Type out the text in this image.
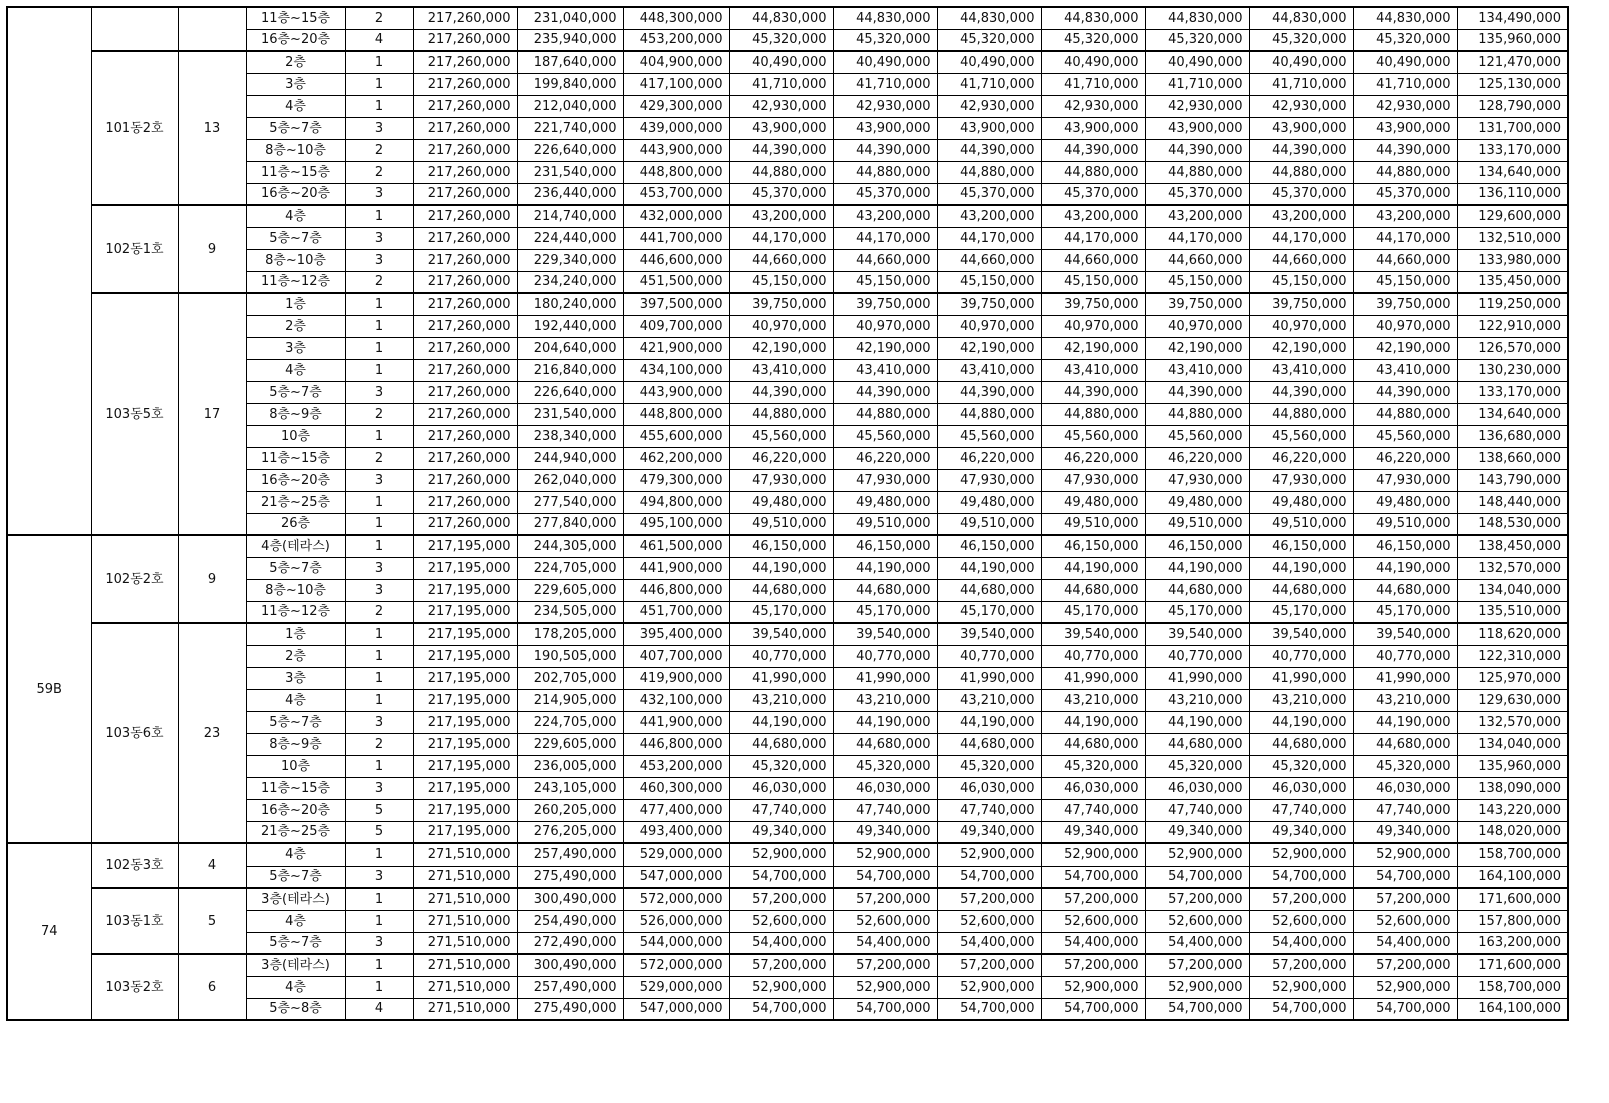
			11층~15층	2	217,260,000	231,040,000	448,300,000	44,830,000	44,830,000	44,830,000	44,830,000	44,830,000	44,830,000	44,830,000	134,490,000
			16층~20층	4	217,260,000	235,940,000	453,200,000	45,320,000	45,320,000	45,320,000	45,320,000	45,320,000	45,320,000	45,320,000	135,960,000
	101동2호	13	2층	1	217,260,000	187,640,000	404,900,000	40,490,000	40,490,000	40,490,000	40,490,000	40,490,000	40,490,000	40,490,000	121,470,000
			3층	1	217,260,000	199,840,000	417,100,000	41,710,000	41,710,000	41,710,000	41,710,000	41,710,000	41,710,000	41,710,000	125,130,000
			4층	1	217,260,000	212,040,000	429,300,000	42,930,000	42,930,000	42,930,000	42,930,000	42,930,000	42,930,000	42,930,000	128,790,000
			5층~7층	3	217,260,000	221,740,000	439,000,000	43,900,000	43,900,000	43,900,000	43,900,000	43,900,000	43,900,000	43,900,000	131,700,000
			8층~10층	2	217,260,000	226,640,000	443,900,000	44,390,000	44,390,000	44,390,000	44,390,000	44,390,000	44,390,000	44,390,000	133,170,000
			11층~15층	2	217,260,000	231,540,000	448,800,000	44,880,000	44,880,000	44,880,000	44,880,000	44,880,000	44,880,000	44,880,000	134,640,000
			16층~20층	3	217,260,000	236,440,000	453,700,000	45,370,000	45,370,000	45,370,000	45,370,000	45,370,000	45,370,000	45,370,000	136,110,000
	102동1호	9	4층	1	217,260,000	214,740,000	432,000,000	43,200,000	43,200,000	43,200,000	43,200,000	43,200,000	43,200,000	43,200,000	129,600,000
			5층~7층	3	217,260,000	224,440,000	441,700,000	44,170,000	44,170,000	44,170,000	44,170,000	44,170,000	44,170,000	44,170,000	132,510,000
			8층~10층	3	217,260,000	229,340,000	446,600,000	44,660,000	44,660,000	44,660,000	44,660,000	44,660,000	44,660,000	44,660,000	133,980,000
			11층~12층	2	217,260,000	234,240,000	451,500,000	45,150,000	45,150,000	45,150,000	45,150,000	45,150,000	45,150,000	45,150,000	135,450,000
	103동5호	17	1층	1	217,260,000	180,240,000	397,500,000	39,750,000	39,750,000	39,750,000	39,750,000	39,750,000	39,750,000	39,750,000	119,250,000
			2층	1	217,260,000	192,440,000	409,700,000	40,970,000	40,970,000	40,970,000	40,970,000	40,970,000	40,970,000	40,970,000	122,910,000
			3층	1	217,260,000	204,640,000	421,900,000	42,190,000	42,190,000	42,190,000	42,190,000	42,190,000	42,190,000	42,190,000	126,570,000
			4층	1	217,260,000	216,840,000	434,100,000	43,410,000	43,410,000	43,410,000	43,410,000	43,410,000	43,410,000	43,410,000	130,230,000
			5층~7층	3	217,260,000	226,640,000	443,900,000	44,390,000	44,390,000	44,390,000	44,390,000	44,390,000	44,390,000	44,390,000	133,170,000
			8층~9층	2	217,260,000	231,540,000	448,800,000	44,880,000	44,880,000	44,880,000	44,880,000	44,880,000	44,880,000	44,880,000	134,640,000
			10층	1	217,260,000	238,340,000	455,600,000	45,560,000	45,560,000	45,560,000	45,560,000	45,560,000	45,560,000	45,560,000	136,680,000
			11층~15층	2	217,260,000	244,940,000	462,200,000	46,220,000	46,220,000	46,220,000	46,220,000	46,220,000	46,220,000	46,220,000	138,660,000
			16층~20층	3	217,260,000	262,040,000	479,300,000	47,930,000	47,930,000	47,930,000	47,930,000	47,930,000	47,930,000	47,930,000	143,790,000
			21층~25층	1	217,260,000	277,540,000	494,800,000	49,480,000	49,480,000	49,480,000	49,480,000	49,480,000	49,480,000	49,480,000	148,440,000
			26층	1	217,260,000	277,840,000	495,100,000	49,510,000	49,510,000	49,510,000	49,510,000	49,510,000	49,510,000	49,510,000	148,530,000
59B	102동2호	9	4층(테라스)	1	217,195,000	244,305,000	461,500,000	46,150,000	46,150,000	46,150,000	46,150,000	46,150,000	46,150,000	46,150,000	138,450,000
			5층~7층	3	217,195,000	224,705,000	441,900,000	44,190,000	44,190,000	44,190,000	44,190,000	44,190,000	44,190,000	44,190,000	132,570,000
			8층~10층	3	217,195,000	229,605,000	446,800,000	44,680,000	44,680,000	44,680,000	44,680,000	44,680,000	44,680,000	44,680,000	134,040,000
			11층~12층	2	217,195,000	234,505,000	451,700,000	45,170,000	45,170,000	45,170,000	45,170,000	45,170,000	45,170,000	45,170,000	135,510,000
	103동6호	23	1층	1	217,195,000	178,205,000	395,400,000	39,540,000	39,540,000	39,540,000	39,540,000	39,540,000	39,540,000	39,540,000	118,620,000
			2층	1	217,195,000	190,505,000	407,700,000	40,770,000	40,770,000	40,770,000	40,770,000	40,770,000	40,770,000	40,770,000	122,310,000
			3층	1	217,195,000	202,705,000	419,900,000	41,990,000	41,990,000	41,990,000	41,990,000	41,990,000	41,990,000	41,990,000	125,970,000
			4층	1	217,195,000	214,905,000	432,100,000	43,210,000	43,210,000	43,210,000	43,210,000	43,210,000	43,210,000	43,210,000	129,630,000
			5층~7층	3	217,195,000	224,705,000	441,900,000	44,190,000	44,190,000	44,190,000	44,190,000	44,190,000	44,190,000	44,190,000	132,570,000
			8층~9층	2	217,195,000	229,605,000	446,800,000	44,680,000	44,680,000	44,680,000	44,680,000	44,680,000	44,680,000	44,680,000	134,040,000
			10층	1	217,195,000	236,005,000	453,200,000	45,320,000	45,320,000	45,320,000	45,320,000	45,320,000	45,320,000	45,320,000	135,960,000
			11층~15층	3	217,195,000	243,105,000	460,300,000	46,030,000	46,030,000	46,030,000	46,030,000	46,030,000	46,030,000	46,030,000	138,090,000
			16층~20층	5	217,195,000	260,205,000	477,400,000	47,740,000	47,740,000	47,740,000	47,740,000	47,740,000	47,740,000	47,740,000	143,220,000
			21층~25층	5	217,195,000	276,205,000	493,400,000	49,340,000	49,340,000	49,340,000	49,340,000	49,340,000	49,340,000	49,340,000	148,020,000
74	102동3호	4	4층	1	271,510,000	257,490,000	529,000,000	52,900,000	52,900,000	52,900,000	52,900,000	52,900,000	52,900,000	52,900,000	158,700,000
			5층~7층	3	271,510,000	275,490,000	547,000,000	54,700,000	54,700,000	54,700,000	54,700,000	54,700,000	54,700,000	54,700,000	164,100,000
	103동1호	5	3층(테라스)	1	271,510,000	300,490,000	572,000,000	57,200,000	57,200,000	57,200,000	57,200,000	57,200,000	57,200,000	57,200,000	171,600,000
			4층	1	271,510,000	254,490,000	526,000,000	52,600,000	52,600,000	52,600,000	52,600,000	52,600,000	52,600,000	52,600,000	157,800,000
			5층~7층	3	271,510,000	272,490,000	544,000,000	54,400,000	54,400,000	54,400,000	54,400,000	54,400,000	54,400,000	54,400,000	163,200,000
	103동2호	6	3층(테라스)	1	271,510,000	300,490,000	572,000,000	57,200,000	57,200,000	57,200,000	57,200,000	57,200,000	57,200,000	57,200,000	171,600,000
			4층	1	271,510,000	257,490,000	529,000,000	52,900,000	52,900,000	52,900,000	52,900,000	52,900,000	52,900,000	52,900,000	158,700,000
			5층~8층	4	271,510,000	275,490,000	547,000,000	54,700,000	54,700,000	54,700,000	54,700,000	54,700,000	54,700,000	54,700,000	164,100,000
